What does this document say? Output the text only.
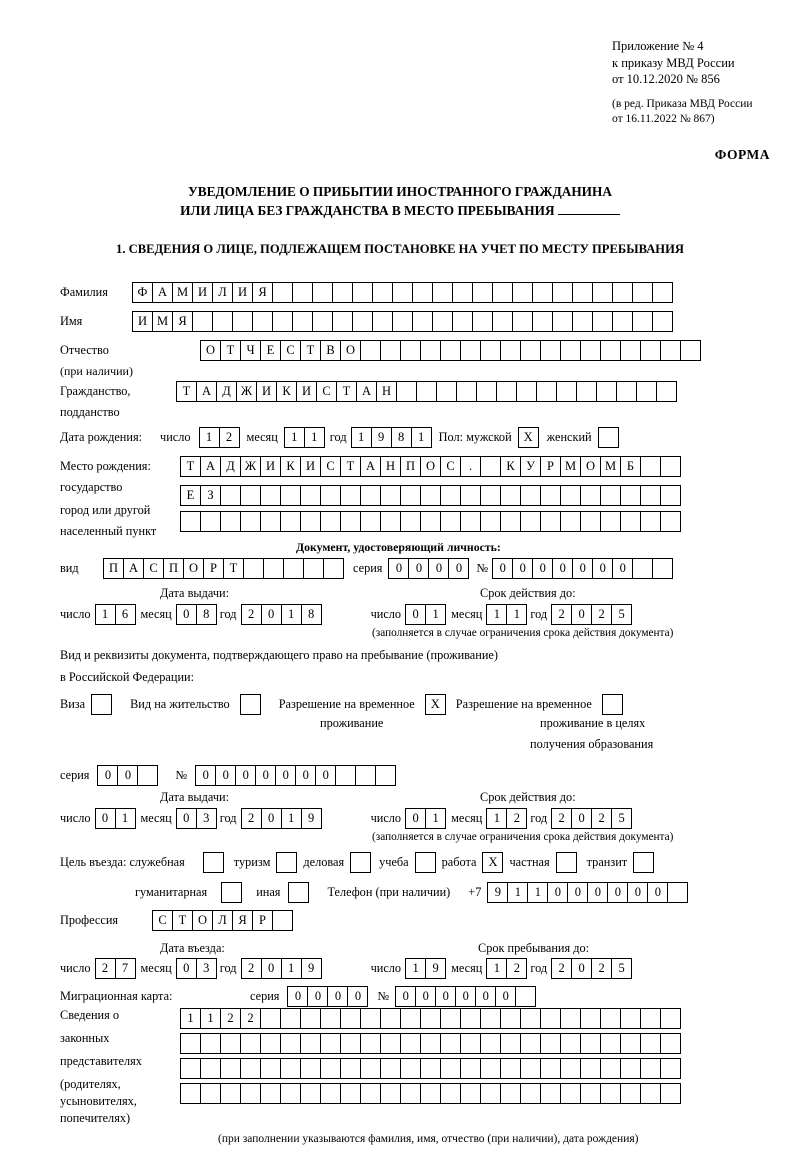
Приложение № 4
к приказу МВД России
от 10.12.2020 № 856
(в ред. Приказа МВД России
от 16.11.2022 № 867)
ФОРМА
УВЕДОМЛЕНИЕ О ПРИБЫТИИ ИНОСТРАННОГО ГРАЖДАНИНА
ИЛИ ЛИЦА БЕЗ ГРАЖДАНСТВА В МЕСТО ПРЕБЫВАНИЯ
1. СВЕДЕНИЯ О ЛИЦЕ, ПОДЛЕЖАЩЕМ ПОСТАНОВКЕ НА УЧЕТ ПО МЕСТУ ПРЕБЫВАНИЯ
Фамилия	Ф А М И Л И Я
Имя	И М Я
Отчество	О Т Ч Е С Т В О
(при наличии)
Гражданство,	Т А Д Ж И К И С Т А Н
подданство
Дата рождения: число	1	2	месяц	1	1	год 1	9	8	1	Пол: мужской X	женский
Место рождения:	Т А Д Ж И К И С Т А Н П О С	.	К У Р М О М Б
государство
Е	З
город или другой
населенный пункт
Документ, удостоверяющий личность:
вид	П А С П О Р	Т	серия	0	0	0	0	№ 0	0	0	0	0	0	0
Дата выдачи:	Срок действия до:
число 1	6	месяц 0	8 год 2	0	1	8	число 0	1	месяц 1	1 год 2	0	2	5
(заполняется в случае ограничения срока действия документа)
Вид и реквизиты документа, подтверждающего право на пребывание (проживание)
в Российской Федерации:
Виза	Вид на жительство	Разрешение на временное	X	Разрешение на временное
проживание	проживание в целях
получения образования
серия	0	0	№	0	0	0	0	0	0	0
Дата выдачи:	Срок действия до:
число 0	1	месяц 0	3 год 2	0	1	9	число 0	1	месяц 1	2 год 2	0	2	5
(заполняется в случае ограничения срока действия документа)
Цель въезда: служебная	туризм	деловая	учеба	работа X частная	транзит
гуманитарная	иная	Телефон (при наличии) +7	9	1	1	0	0	0	0	0	0
Профессия	С Т О Л Я Р
Дата въезда:	Срок пребывания до:
число 2	7	месяц 0	3 год 2	0	1	9	число 1	9	месяц 1	2 год 2	0	2	5
Миграционная карта:	серия	0	0	0	0	№	0	0	0	0	0	0
Сведения о
законных
представителях
(родителях,
усыновителях,
попечителях)
1	1	2	2
(при заполнении указываются фамилия, имя, отчество (при наличии), дата рождения)
